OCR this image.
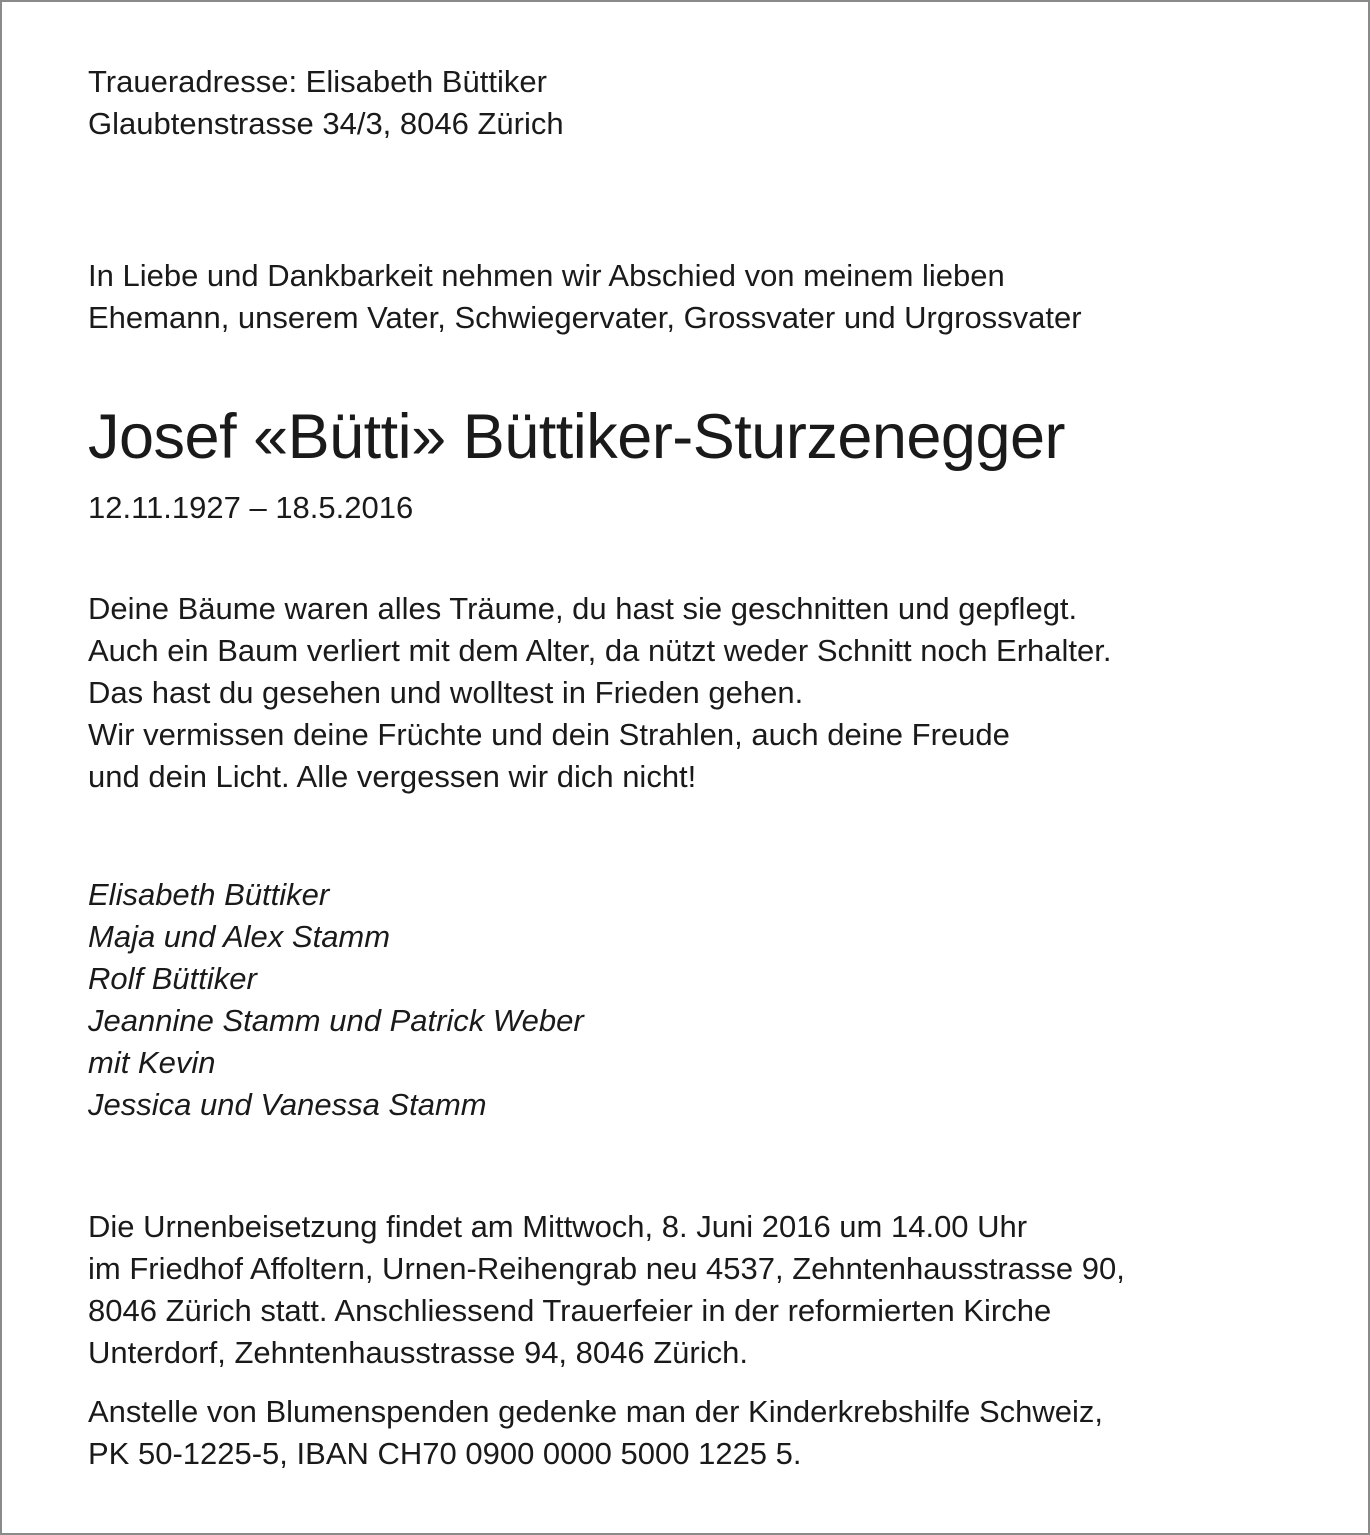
Traueradresse: Elisabeth Büttiker
Glaubtenstrasse 34/3, 8046 Zürich
In Liebe und Dankbarkeit nehmen wir Abschied von meinem lieben
Ehemann, unserem Vater, Schwiegervater, Grossvater und Urgrossvater
Josef «Bütti» Büttiker-Sturzenegger
12.11.1927 – 18.5.2016
Deine Bäume waren alles Träume, du hast sie geschnitten und gepflegt.
Auch ein Baum verliert mit dem Alter, da nützt weder Schnitt noch Erhalter.
Das hast du gesehen und wolltest in Frieden gehen.
Wir vermissen deine Früchte und dein Strahlen, auch deine Freude
und dein Licht. Alle vergessen wir dich nicht!
Elisabeth Büttiker
Maja und Alex Stamm
Rolf Büttiker
Jeannine Stamm und Patrick Weber
mit Kevin
Jessica und Vanessa Stamm
Die Urnenbeisetzung findet am Mittwoch, 8. Juni 2016 um 14.00 Uhr
im Friedhof Affoltern, Urnen-Reihengrab neu 4537, Zehntenhausstrasse 90,
8046 Zürich statt. Anschliessend Trauerfeier in der reformierten Kirche
Unterdorf, Zehntenhausstrasse 94, 8046 Zürich.
Anstelle von Blumenspenden gedenke man der Kinderkrebshilfe Schweiz,
PK 50-1225-5, IBAN CH70 0900 0000 5000 1225 5.
